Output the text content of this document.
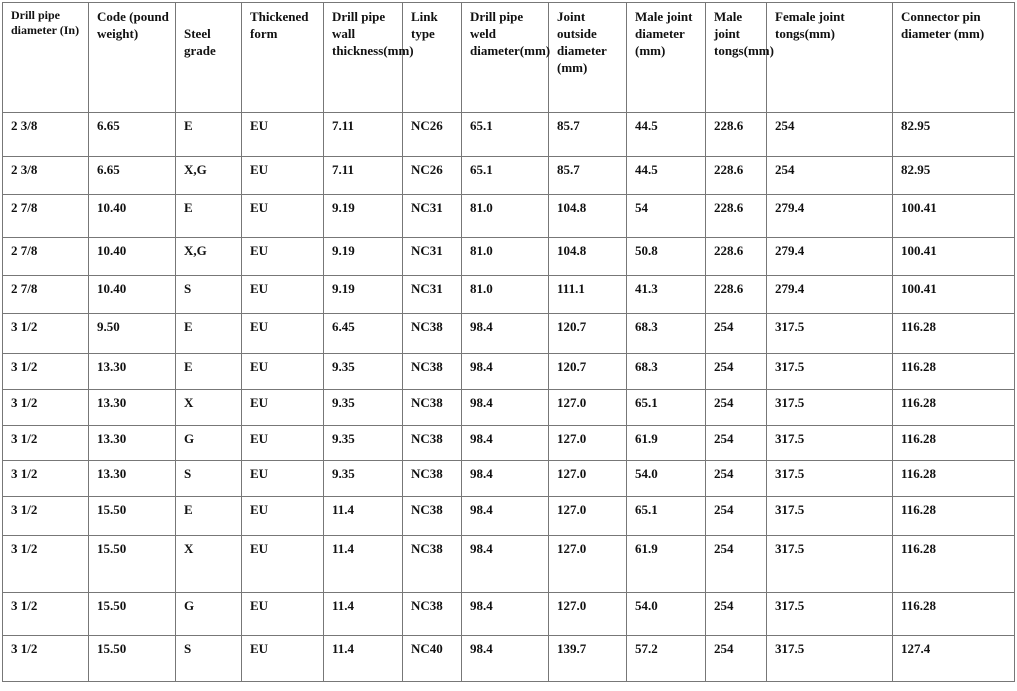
Drill pipe diameter (In)	Code (pound weight)	Steel grade	Thickened form	Drill pipe wall thickness(mm)	Link type	Drill pipe weld diameter(mm)	Joint outside diameter (mm)	Male joint diameter (mm)	Male joint tongs(mm)	Female joint tongs(mm)	Connector pin diameter (mm)
2 3/8	6.65	E	EU	7.11	NC26	65.1	85.7	44.5	228.6	254	82.95
2 3/8	6.65	X,G	EU	7.11	NC26	65.1	85.7	44.5	228.6	254	82.95
2 7/8	10.40	E	EU	9.19	NC31	81.0	104.8	54	228.6	279.4	100.41
2 7/8	10.40	X,G	EU	9.19	NC31	81.0	104.8	50.8	228.6	279.4	100.41
2 7/8	10.40	S	EU	9.19	NC31	81.0	111.1	41.3	228.6	279.4	100.41
3 1/2	9.50	E	EU	6.45	NC38	98.4	120.7	68.3	254	317.5	116.28
3 1/2	13.30	E	EU	9.35	NC38	98.4	120.7	68.3	254	317.5	116.28
3 1/2	13.30	X	EU	9.35	NC38	98.4	127.0	65.1	254	317.5	116.28
3 1/2	13.30	G	EU	9.35	NC38	98.4	127.0	61.9	254	317.5	116.28
3 1/2	13.30	S	EU	9.35	NC38	98.4	127.0	54.0	254	317.5	116.28
3 1/2	15.50	E	EU	11.4	NC38	98.4	127.0	65.1	254	317.5	116.28
3 1/2	15.50	X	EU	11.4	NC38	98.4	127.0	61.9	254	317.5	116.28
3 1/2	15.50	G	EU	11.4	NC38	98.4	127.0	54.0	254	317.5	116.28
3 1/2	15.50	S	EU	11.4	NC40	98.4	139.7	57.2	254	317.5	127.4
